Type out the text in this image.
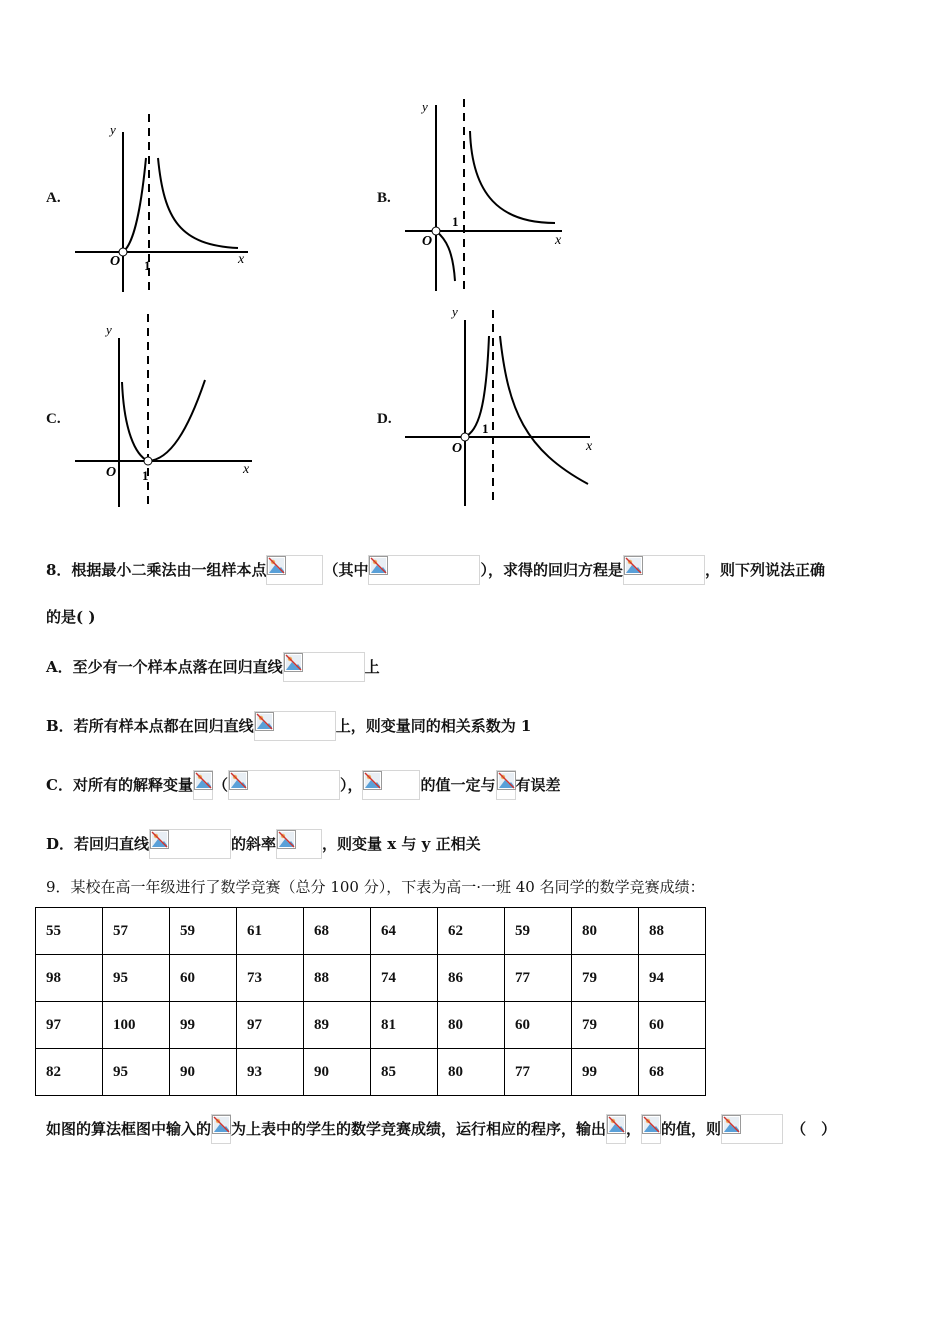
A.
y
x
O 1
B.
y
x
O
1
C.
y
x
O 1
D.
y
x
O
1
8．根据最小二乘法由一组样本点	（其中	），求得的回归方程是	，则下列说法正确
的是( )
A．至少有一个样本点落在回归直线	上
B．若所有样本点都在回归直线	上，则变量同的相关系数为 1
C．对所有的解释变量 （	），	的值一定与 有误差
D．若回归直线	的斜率	，则变量 x 与 y 正相关
9．某校在高一年级进行了数学竞赛（总分 100 分），下表为高一·一班 40 名同学的数学竞赛成绩：
55	57	59	61	68	64	62	59	80	88
98	95	60	73	88	74	86	77	79	94
97	100	99	97	89	81	80	60	79	60
82	95	90	93	90	85	80	77	99	68
如图的算法框图中输入的 为上表中的学生的数学竞赛成绩，运行相应的程序，输出 ， 的值，则	（　）
